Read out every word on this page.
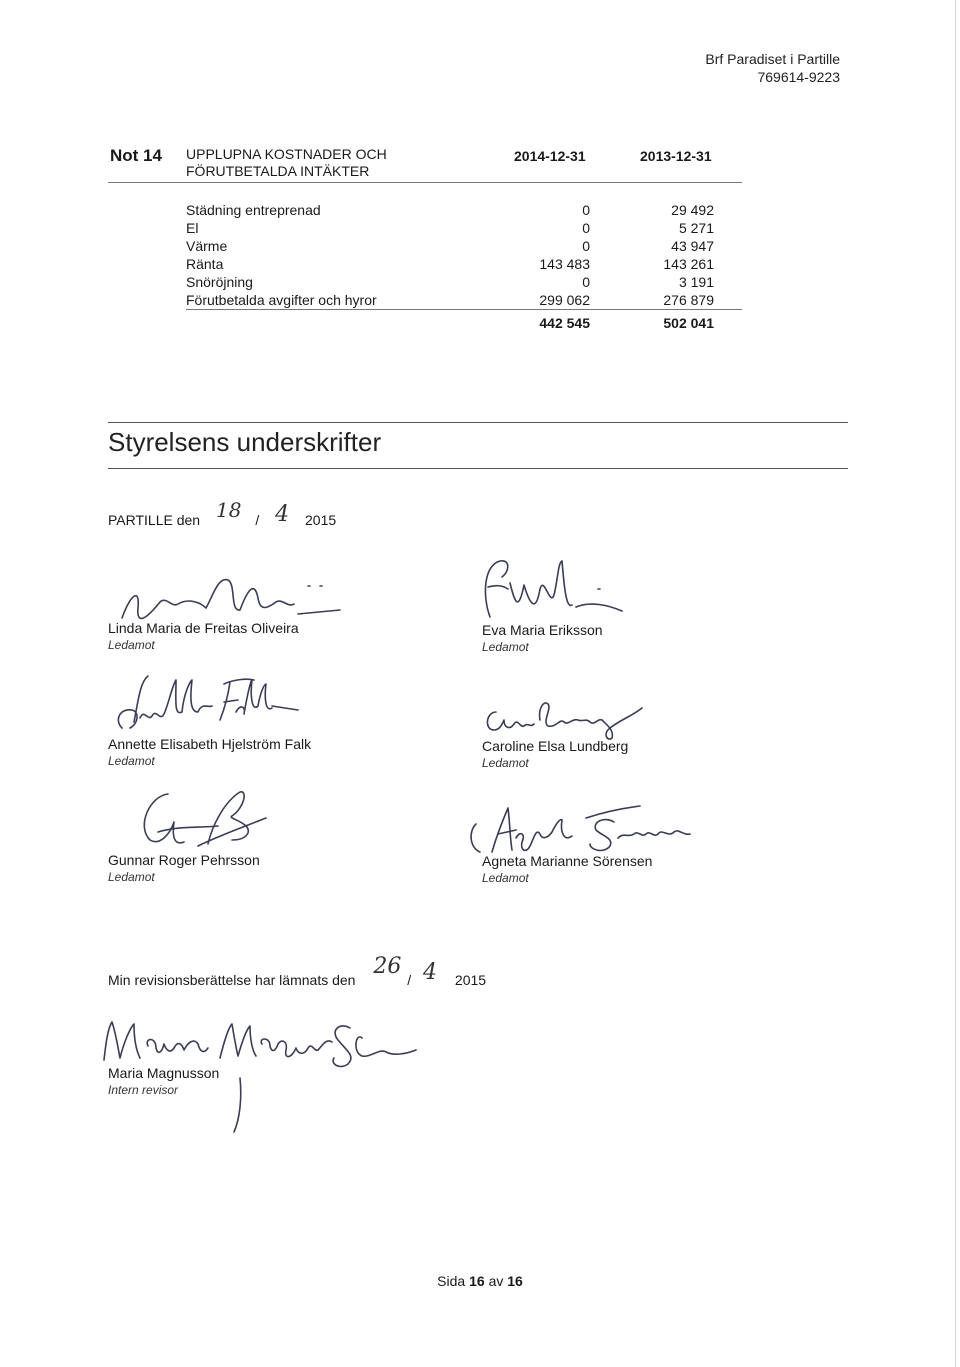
Brf Paradiset i Partille
769614-9223
Not 14 UPPLUPNA KOSTNADER OCH
FÖRUTBETALDA INTÄKTER
2014-12-31	2013-12-31
Städning entreprenad	0	29 492
El	0	5 271
Värme	0	43 947
Ränta	143 483	143 261
Snöröjning	0	3 191
Förutbetalda avgifter och hyror	299 062	276 879
442 545	502 041
Styrelsens underskrifter
PARTILLE den 18 / 4 2015
Linda Maria de Freitas Oliveira
Ledamot
Eva Maria Eriksson
Ledamot
Annette Elisabeth Hjelström Falk
Ledamot
Caroline Elsa Lundberg
Ledamot
Gunnar Roger Pehrsson
Ledamot
Agneta Marianne Sörensen
Ledamot
Min revisionsberättelse har lämnats den 26 / 4 2015
Maria Magnusson
Intern revisor
Sida 16 av 16
